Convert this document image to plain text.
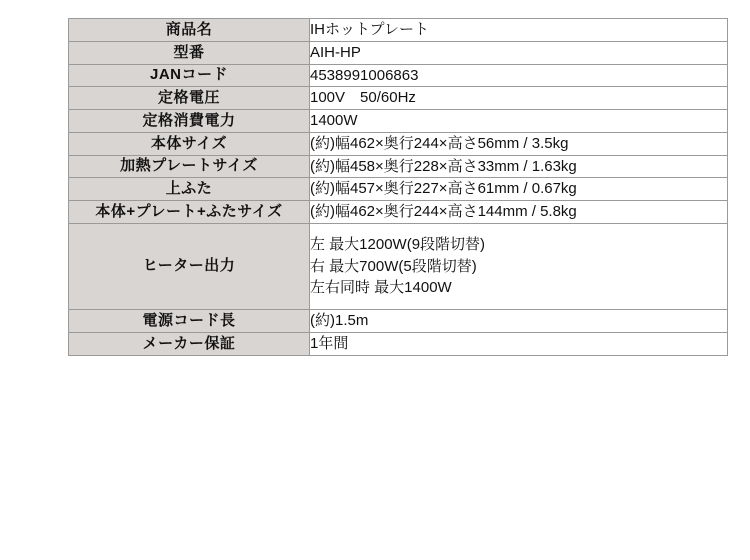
商品名	IHホットプレート

型番	AIH-HP

JANコード	4538991006863

定格電圧	100V　50/60Hz

定格消費電力	1400W

本体サイズ	(約)幅462×奥行244×高さ56mm / 3.5kg

加熱プレートサイズ	(約)幅458×奥行228×高さ33mm / 1.63kg

上ふた	(約)幅457×奥行227×高さ61mm / 0.67kg

本体+プレート+ふたサイズ	(約)幅462×奥行244×高さ144mm / 5.8kg

ヒーター出力	左 最大1200W(9段階切替)
右 最大700W(5段階切替)
左右同時 最大1400W

電源コード長	(約)1.5m

メーカー保証	1年間
